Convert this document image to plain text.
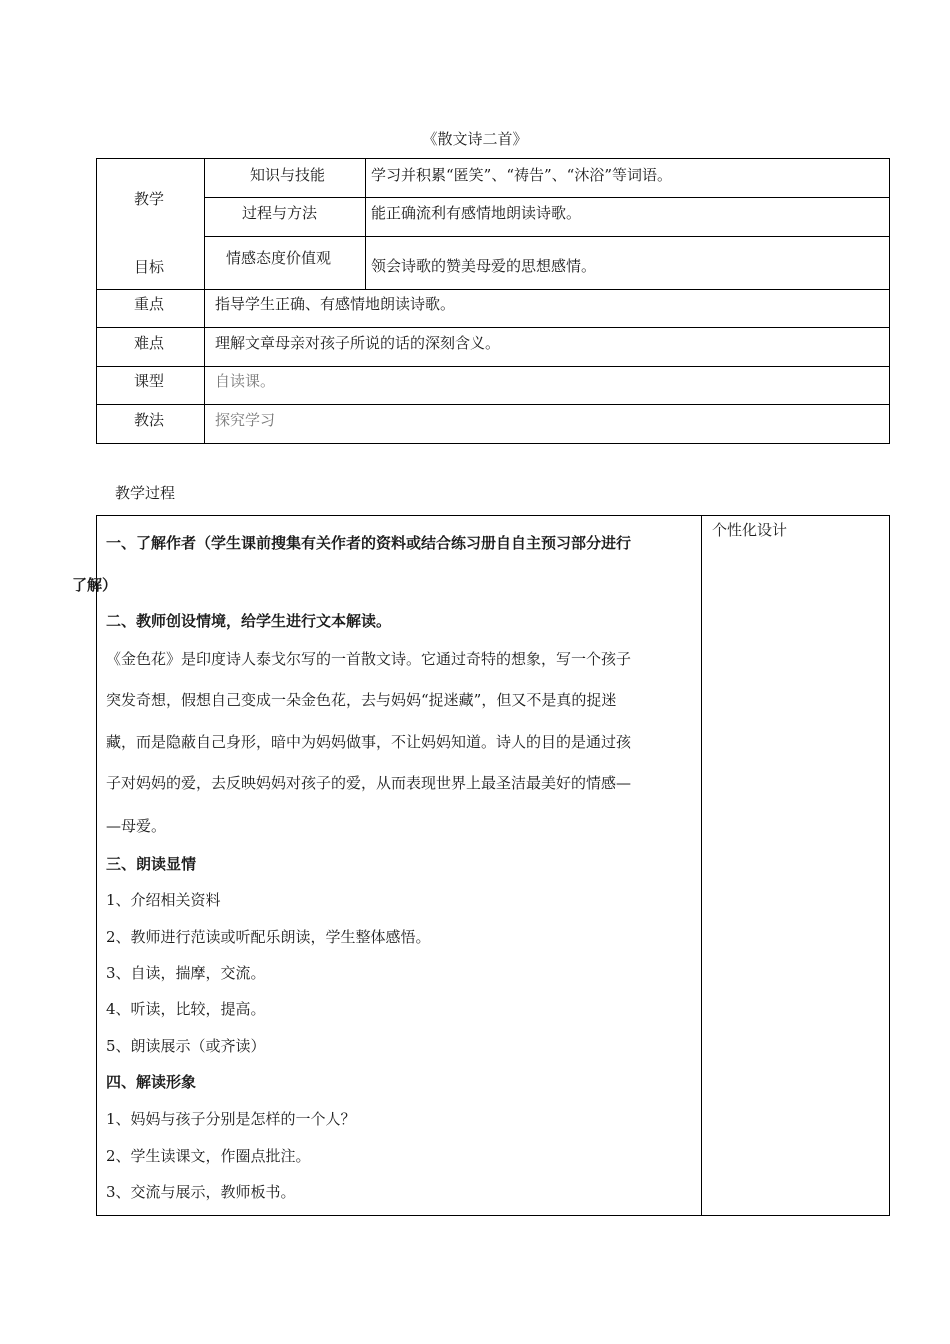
《散文诗二首》
教学
目标
知识与技能	学习并积累“匿笑”、“祷告”、“沐浴”等词语。
过程与方法	能正确流利有感情地朗读诗歌。
情感态度价值观	领会诗歌的赞美母爱的思想感情。
重点	指导学生正确、有感情地朗读诗歌。
难点	理解文章母亲对孩子所说的话的深刻含义。
课型	自读课。
教法	探究学习
教学过程
个性化设计
一、了解作者（学生课前搜集有关作者的资料或结合练习册自自主预习部分进行
了解）
二、教师创设情境，给学生进行文本解读。
《金色花》是印度诗人泰戈尔写的一首散文诗。它通过奇特的想象，写一个孩子
突发奇想，假想自己变成一朵金色花，去与妈妈“捉迷藏”，但又不是真的捉迷
藏，而是隐蔽自己身形，暗中为妈妈做事，不让妈妈知道。诗人的目的是通过孩
子对妈妈的爱，去反映妈妈对孩子的爱，从而表现世界上最圣洁最美好的情感—
—母爱。
三、朗读显情
1、介绍相关资料
2、教师进行范读或听配乐朗读，学生整体感悟。
3、自读，揣摩，交流。
4、听读，比较，提高。
5、朗读展示（或齐读）
四、解读形象
1、妈妈与孩子分别是怎样的一个人？
2、学生读课文，作圈点批注。
3、交流与展示，教师板书。
